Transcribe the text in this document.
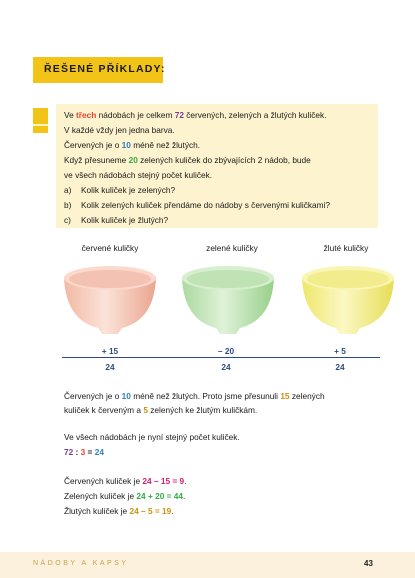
ŘEŠENÉ PŘÍKLADY:
Ve třech nádobách je celkem 72 červených, zelených a žlutých kuliček.
V každé vždy jen jedna barva.
Červených je o 10 méně než žlutých.
Když přesuneme 20 zelených kuliček do zbývajících 2 nádob, bude
ve všech nádobách stejný počet kuliček.
a) Kolik kuliček je zelených?
b) Kolik zelených kuliček přendáme do nádoby s červenými kuličkami?
c) Kolik kuliček je žlutých?
červené kuličky	zelené kuličky	žluté kuličky
+ 15	– 20	+ 5
24	24	24
Červených je o 10 méně než žlutých. Proto jsme přesunuli 15 zelených
kuliček k červeným a 5 zelených ke žlutým kuličkám.
Ve všech nádobách je nyní stejný počet kuliček.
72 : 3 = 24
Červených kuliček je 24 – 15 = 9.
Zelených kuliček je 24 + 20 = 44.
Žlutých kuliček je 24 – 5 = 19.
NÁDOBY A KAPSY	43
